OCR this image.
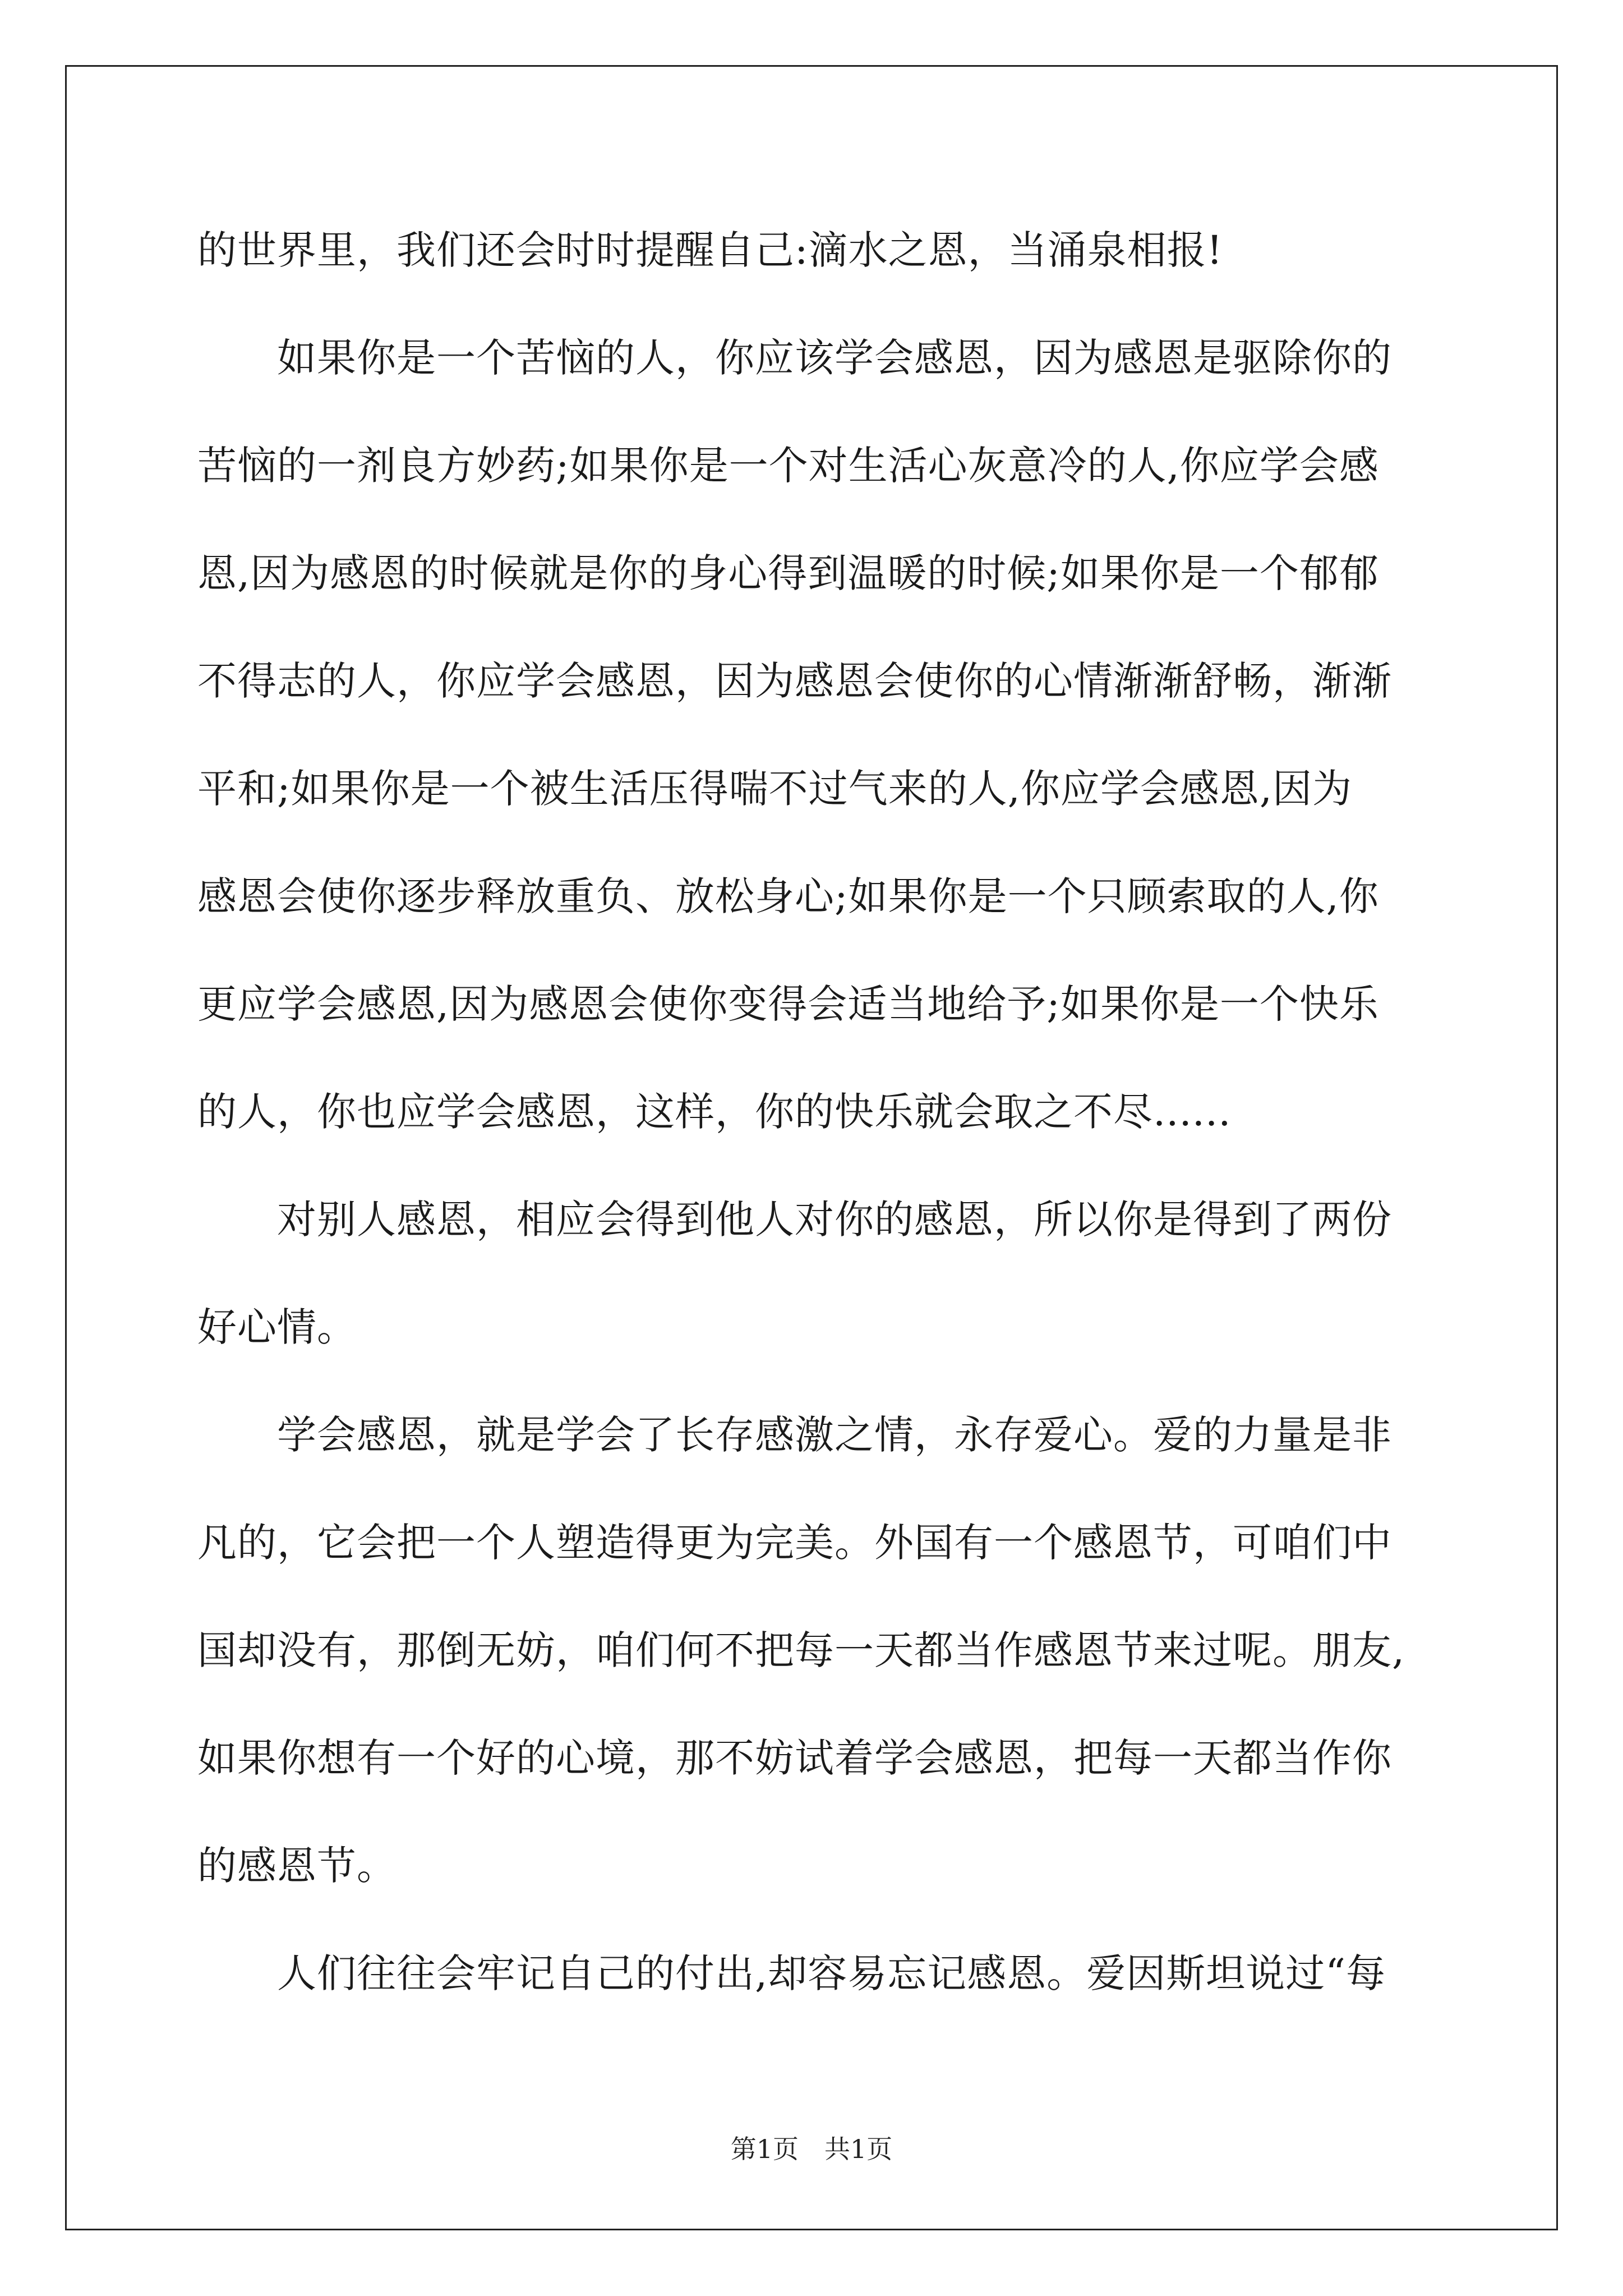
的世界里，我们还会时时提醒自己:滴水之恩，当涌泉相报!
　　如果你是一个苦恼的人，你应该学会感恩，因为感恩是驱除你的
苦恼的一剂良方妙药;如果你是一个对生活心灰意冷的人,你应学会感
恩,因为感恩的时候就是你的身心得到温暖的时候;如果你是一个郁郁
不得志的人，你应学会感恩，因为感恩会使你的心情渐渐舒畅，渐渐
平和;如果你是一个被生活压得喘不过气来的人,你应学会感恩,因为
感恩会使你逐步释放重负、放松身心;如果你是一个只顾索取的人,你
更应学会感恩,因为感恩会使你变得会适当地给予;如果你是一个快乐
的人，你也应学会感恩，这样，你的快乐就会取之不尽......
　　对别人感恩，相应会得到他人对你的感恩，所以你是得到了两份
好心情。
　　学会感恩，就是学会了长存感激之情，永存爱心。爱的力量是非
凡的，它会把一个人塑造得更为完美。外国有一个感恩节，可咱们中
国却没有，那倒无妨，咱们何不把每一天都当作感恩节来过呢。朋友,
如果你想有一个好的心境，那不妨试着学会感恩，把每一天都当作你
的感恩节。
　　人们往往会牢记自己的付出,却容易忘记感恩。爱因斯坦说过“每
第1页　共1页
